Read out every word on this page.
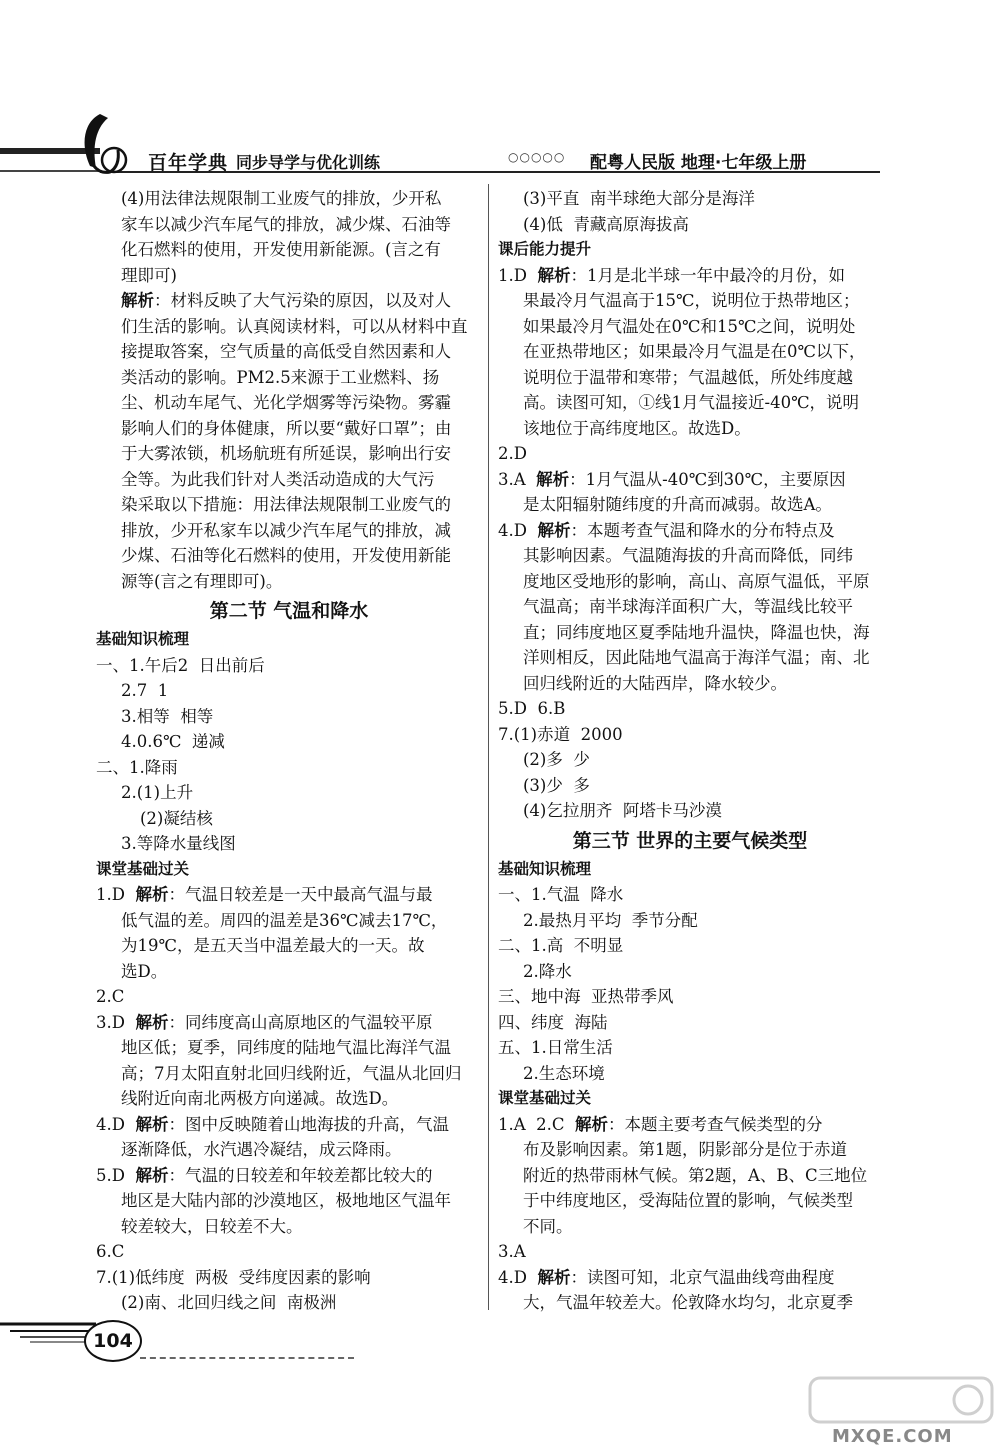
百年学典 同步导学与优化训练	○○○○○ 配粤人民版 地理·七年级上册
(4)用法律法规限制工业废气的排放，少开私
家车以减少汽车尾气的排放，减少煤、石油等
化石燃料的使用，开发使用新能源。(言之有
理即可)
解析：材料反映了大气污染的原因，以及对人
们生活的影响。认真阅读材料，可以从材料中直
接提取答案，空气质量的高低受自然因素和人
类活动的影响。PM2.5来源于工业燃料、扬
尘、机动车尾气、光化学烟雾等污染物。雾霾
影响人们的身体健康，所以要“戴好口罩”；由
于大雾浓锁，机场航班有所延误，影响出行安
全等。为此我们针对人类活动造成的大气污
染采取以下措施：用法律法规限制工业废气的
排放，少开私家车以减少汽车尾气的排放，减
少煤、石油等化石燃料的使用，开发使用新能
源等(言之有理即可)。
第二节 气温和降水
基础知识梳理
一、1.午后2  日出前后
2.7  1
3.相等  相等
4.0.6℃  递减
二、1.降雨
2.(1)上升
(2)凝结核
3.等降水量线图
课堂基础过关
1.D  解析：气温日较差是一天中最高气温与最
低气温的差。周四的温差是36℃减去17℃，
为19℃，是五天当中温差最大的一天。故
选D。
2.C
3.D  解析：同纬度高山高原地区的气温较平原
地区低；夏季，同纬度的陆地气温比海洋气温
高；7月太阳直射北回归线附近，气温从北回归
线附近向南北两极方向递减。故选D。
4.D  解析：图中反映随着山地海拔的升高，气温
逐渐降低，水汽遇冷凝结，成云降雨。
5.D  解析：气温的日较差和年较差都比较大的
地区是大陆内部的沙漠地区，极地地区气温年
较差较大，日较差不大。
6.C
7.(1)低纬度  两极  受纬度因素的影响
(2)南、北回归线之间  南极洲
(3)平直  南半球绝大部分是海洋
(4)低  青藏高原海拔高
课后能力提升
1.D  解析：1月是北半球一年中最冷的月份，如
果最冷月气温高于15℃，说明位于热带地区；
如果最冷月气温处在0℃和15℃之间，说明处
在亚热带地区；如果最冷月气温是在0℃以下，
说明位于温带和寒带；气温越低，所处纬度越
高。读图可知，①线1月气温接近-40℃，说明
该地位于高纬度地区。故选D。
2.D
3.A  解析：1月气温从-40℃到30℃，主要原因
是太阳辐射随纬度的升高而减弱。故选A。
4.D  解析：本题考查气温和降水的分布特点及
其影响因素。气温随海拔的升高而降低，同纬
度地区受地形的影响，高山、高原气温低，平原
气温高；南半球海洋面积广大，等温线比较平
直；同纬度地区夏季陆地升温快，降温也快，海
洋则相反，因此陆地气温高于海洋气温；南、北
回归线附近的大陆西岸，降水较少。
5.D  6.B
7.(1)赤道  2000
(2)多  少
(3)少  多
(4)乞拉朋齐  阿塔卡马沙漠
第三节 世界的主要气候类型
基础知识梳理
一、1.气温  降水
2.最热月平均  季节分配
二、1.高  不明显
2.降水
三、地中海  亚热带季风
四、纬度  海陆
五、1.日常生活
2.生态环境
课堂基础过关
1.A  2.C  解析：本题主要考查气候类型的分
布及影响因素。第1题，阴影部分是位于赤道
附近的热带雨林气候。第2题，A、B、C三地位
于中纬度地区，受海陆位置的影响，气候类型
不同。
3.A
4.D  解析：读图可知，北京气温曲线弯曲程度
大，气温年较差大。伦敦降水均匀，北京夏季
104
MXQE.COM
